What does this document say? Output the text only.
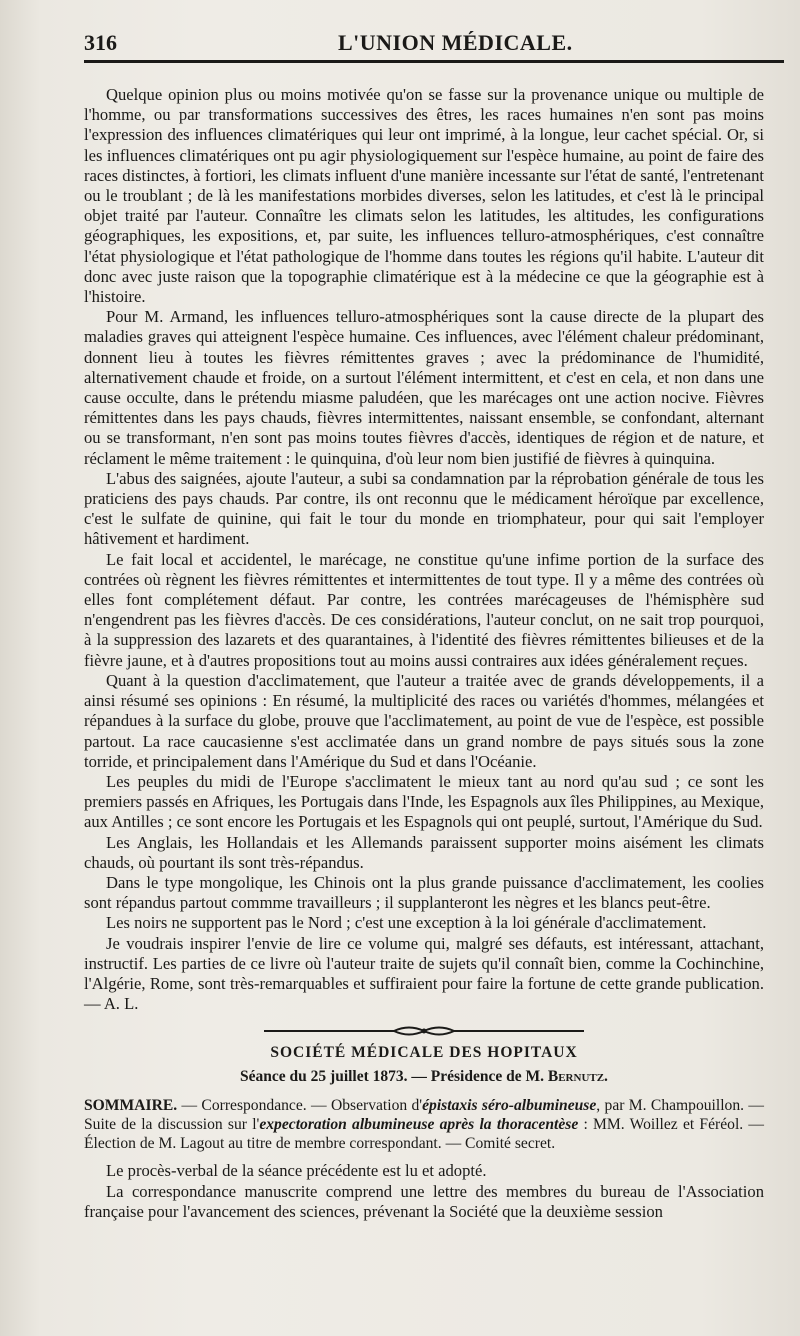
316	L'UNION MÉDICALE.

Quelque opinion plus ou moins motivée qu'on se fasse sur la provenance unique ou multiple de l'homme, ou par transformations successives des êtres, les races humaines n'en sont pas moins l'expression des influences climatériques qui leur ont imprimé, à la longue, leur cachet spécial. Or, si les influences climatériques ont pu agir physiologiquement sur l'espèce humaine, au point de faire des races distinctes, à fortiori, les climats influent d'une manière incessante sur l'état de santé, l'entretenant ou le troublant ; de là les manifestations morbides diverses, selon les latitudes, et c'est là le principal objet traité par l'auteur. Connaître les climats selon les latitudes, les altitudes, les configurations géographiques, les expositions, et, par suite, les influences telluro-atmosphériques, c'est connaître l'état physiologique et l'état pathologique de l'homme dans toutes les régions qu'il habite. L'auteur dit donc avec juste raison que la topographie climatérique est à la médecine ce que la géographie est à l'histoire.

Pour M. Armand, les influences telluro-atmosphériques sont la cause directe de la plupart des maladies graves qui atteignent l'espèce humaine. Ces influences, avec l'élément chaleur prédominant, donnent lieu à toutes les fièvres rémittentes graves ; avec la prédominance de l'humidité, alternativement chaude et froide, on a surtout l'élément intermittent, et c'est en cela, et non dans une cause occulte, dans le prétendu miasme paludéen, que les marécages ont une action nocive. Fièvres rémittentes dans les pays chauds, fièvres intermittentes, naissant ensemble, se confondant, alternant ou se transformant, n'en sont pas moins toutes fièvres d'accès, identiques de région et de nature, et réclament le même traitement : le quinquina, d'où leur nom bien justifié de fièvres à quinquina.

L'abus des saignées, ajoute l'auteur, a subi sa condamnation par la réprobation générale de tous les praticiens des pays chauds. Par contre, ils ont reconnu que le médicament héroïque par excellence, c'est le sulfate de quinine, qui fait le tour du monde en triomphateur, pour qui sait l'employer hâtivement et hardiment.

Le fait local et accidentel, le marécage, ne constitue qu'une infime portion de la surface des contrées où règnent les fièvres rémittentes et intermittentes de tout type. Il y a même des contrées où elles font complétement défaut. Par contre, les contrées marécageuses de l'hémisphère sud n'engendrent pas les fièvres d'accès. De ces considérations, l'auteur conclut, on ne sait trop pourquoi, à la suppression des lazarets et des quarantaines, à l'identité des fièvres rémittentes bilieuses et de la fièvre jaune, et à d'autres propositions tout au moins aussi contraires aux idées généralement reçues.

Quant à la question d'acclimatement, que l'auteur a traitée avec de grands développements, il a ainsi résumé ses opinions : En résumé, la multiplicité des races ou variétés d'hommes, mélangées et répandues à la surface du globe, prouve que l'acclimatement, au point de vue de l'espèce, est possible partout. La race caucasienne s'est acclimatée dans un grand nombre de pays situés sous la zone torride, et principalement dans l'Amérique du Sud et dans l'Océanie.

Les peuples du midi de l'Europe s'acclimatent le mieux tant au nord qu'au sud ; ce sont les premiers passés en Afriques, les Portugais dans l'Inde, les Espagnols aux îles Philippines, au Mexique, aux Antilles ; ce sont encore les Portugais et les Espagnols qui ont peuplé, surtout, l'Amérique du Sud.

Les Anglais, les Hollandais et les Allemands paraissent supporter moins aisément les climats chauds, où pourtant ils sont très-répandus.

Dans le type mongolique, les Chinois ont la plus grande puissance d'acclimatement, les coolies sont répandus partout commme travailleurs ; il supplanteront les nègres et les blancs peut-être.

Les noirs ne supportent pas le Nord ; c'est une exception à la loi générale d'acclimatement.

Je voudrais inspirer l'envie de lire ce volume qui, malgré ses défauts, est intéressant, attachant, instructif. Les parties de ce livre où l'auteur traite de sujets qu'il connaît bien, comme la Cochinchine, l'Algérie, Rome, sont très-remarquables et suffiraient pour faire la fortune de cette grande publication. — A. L.

SOCIÉTÉ MÉDICALE DES HOPITAUX
Séance du 25 juillet 1873. — Présidence de M. Bernutz.
SOMMAIRE. — Correspondance. — Observation d'épistaxis séro-albumineuse, par M. Champouillon. — Suite de la discussion sur l'expectoration albumineuse après la thoracentèse : MM. Woillez et Féréol. — Élection de M. Lagout au titre de membre correspondant. — Comité secret.

Le procès-verbal de la séance précédente est lu et adopté.

La correspondance manuscrite comprend une lettre des membres du bureau de l'Association française pour l'avancement des sciences, prévenant la Société que la deuxième session
